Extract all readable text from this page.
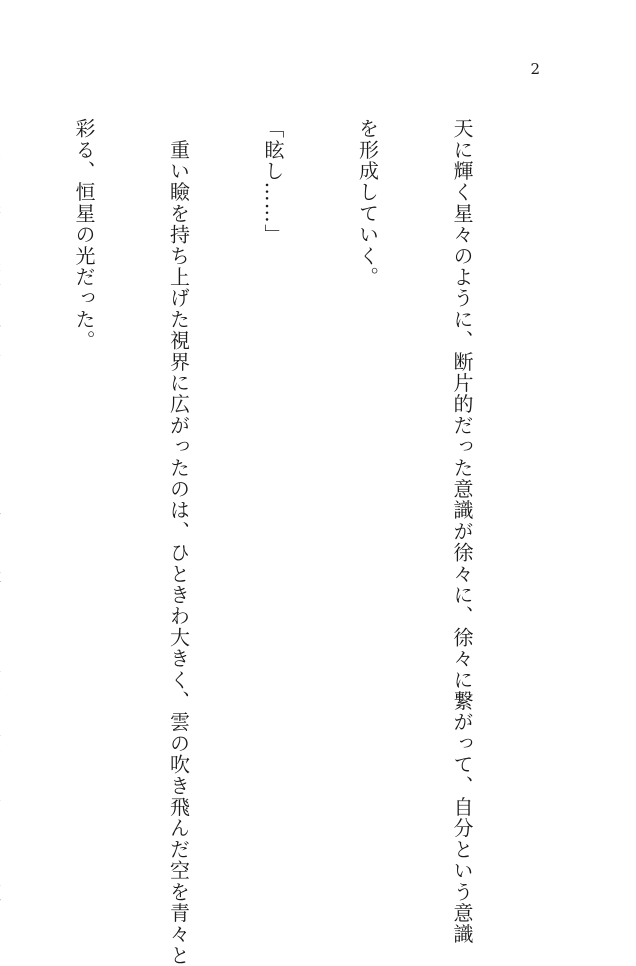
2

天に輝く星々のように、断片的だった意識が徐々に、徐々に繋がって、自分という意識

を形成していく。

「眩し……」

　重い瞼を持ち上げた視界に広がったのは、ひときわ大きく、雲の吹き飛んだ空を青々と

彩る、恒星の光だった。
